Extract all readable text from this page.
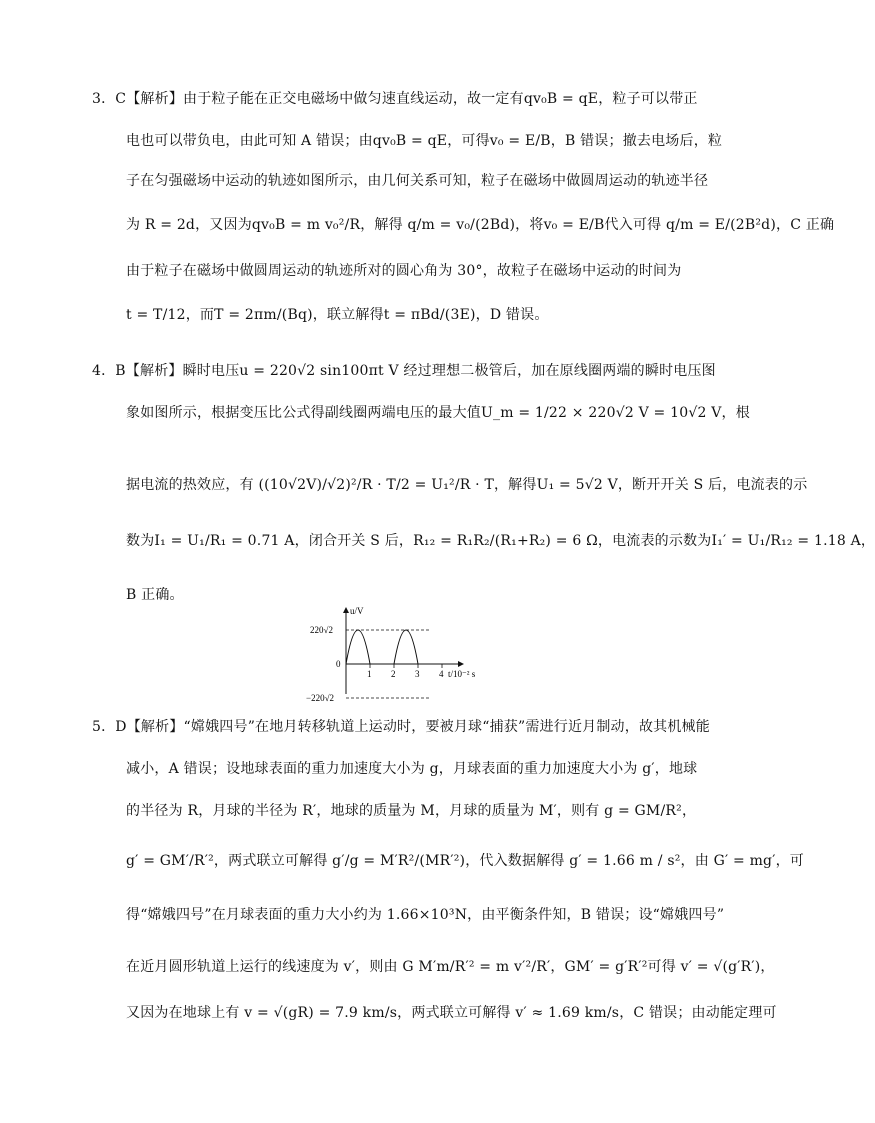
3．C【解析】由于粒子能在正交电磁场中做匀速直线运动，故一定有qv₀B = qE，粒子可以带正
电也可以带负电，由此可知 A 错误；由qv₀B = qE，可得v₀ = E/B，B 错误；撤去电场后，粒
子在匀强磁场中运动的轨迹如图所示，由几何关系可知，粒子在磁场中做圆周运动的轨迹半径
为 R = 2d，又因为qv₀B = m v₀²/R，解得 q/m = v₀/(2Bd)，将v₀ = E/B代入可得 q/m = E/(2B²d)，C 正确
由于粒子在磁场中做圆周运动的轨迹所对的圆心角为 30°，故粒子在磁场中运动的时间为
t = T/12，而T = 2πm/(Bq)，联立解得t = πBd/(3E)，D 错误。
4．B【解析】瞬时电压u = 220√2 sin100πt V 经过理想二极管后，加在原线圈两端的瞬时电压图
象如图所示，根据变压比公式得副线圈两端电压的最大值U_m = 1/22 × 220√2 V = 10√2 V，根
据电流的热效应，有 ((10√2V)/√2)²/R · T/2 = U₁²/R · T，解得U₁ = 5√2 V，断开开关 S 后，电流表的示
数为I₁ = U₁/R₁ = 0.71 A，闭合开关 S 后，R₁₂ = R₁R₂/(R₁+R₂) = 6 Ω，电流表的示数为I₁′ = U₁/R₁₂ = 1.18 A，
B 正确。
u/V
220√2
0
−220√2
1 2 3 4 t/10⁻² s
5．D【解析】“嫦娥四号”在地月转移轨道上运动时，要被月球“捕获”需进行近月制动，故其机械能
减小，A 错误；设地球表面的重力加速度大小为 g，月球表面的重力加速度大小为 g′，地球
的半径为 R，月球的半径为 R′，地球的质量为 M，月球的质量为 M′，则有 g = GM/R²，
g′ = GM′/R′²，两式联立可解得 g′/g = M′R²/(MR′²)，代入数据解得 g′ = 1.66 m / s²，由 G′ = mg′，可
得“嫦娥四号”在月球表面的重力大小约为 1.66×10³N，由平衡条件知，B 错误；设“嫦娥四号”
在近月圆形轨道上运行的线速度为 v′，则由 G M′m/R′² = m v′²/R′，GM′ = g′R′²可得 v′ = √(g′R′)，
又因为在地球上有 v = √(gR) = 7.9 km/s，两式联立可解得 v′ ≈ 1.69 km/s，C 错误；由动能定理可
